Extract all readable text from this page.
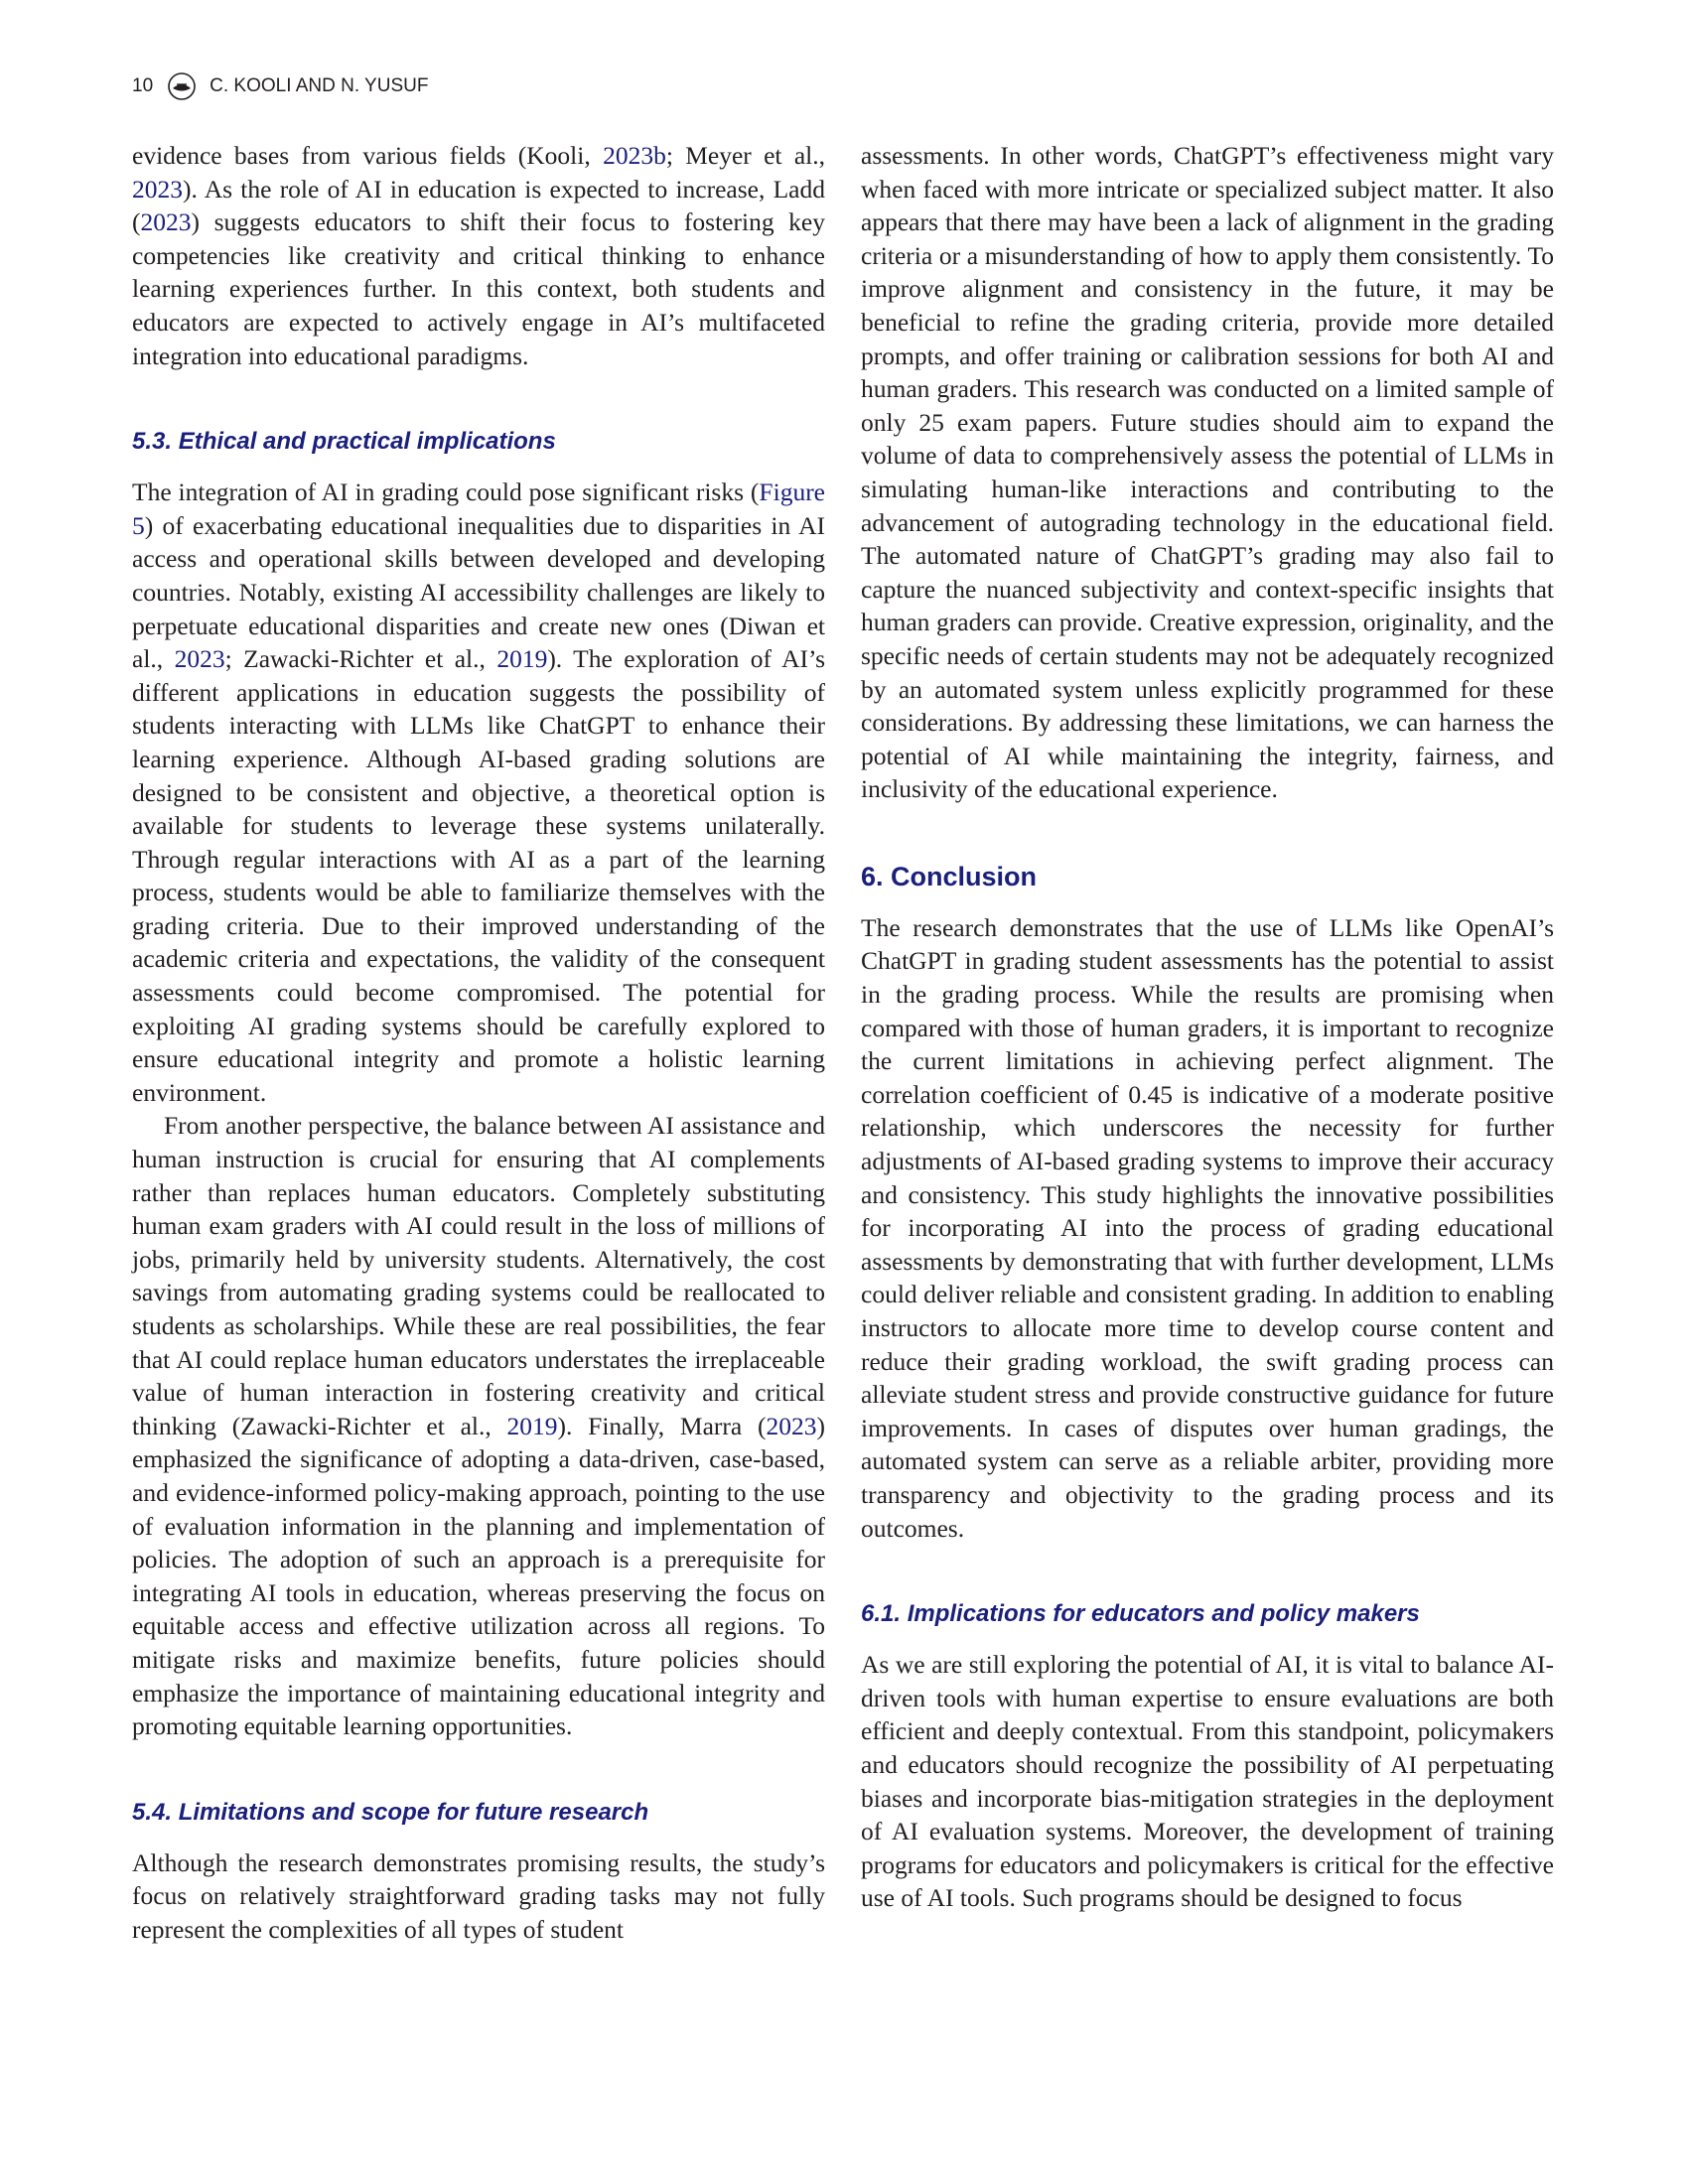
10	C. KOOLI AND N. YUSUF

evidence bases from various fields (Kooli, 2023b; Meyer et al., 2023). As the role of AI in education is expected to increase, Ladd (2023) suggests educators to shift their focus to fostering key competencies like creativity and critical thinking to enhance learning experiences further. In this context, both students and educators are expected to actively engage in AI’s multifaceted integration into educational paradigms.

5.3. Ethical and practical implications

The integration of AI in grading could pose significant risks (Figure 5) of exacerbating educational inequalities due to disparities in AI access and operational skills between developed and developing countries. Notably, existing AI accessibility challenges are likely to perpetuate educational disparities and create new ones (Diwan et al., 2023; Zawacki-Richter et al., 2019). The exploration of AI’s different applications in education suggests the possibility of students interacting with LLMs like ChatGPT to enhance their learning experience. Although AI-based grading solutions are designed to be consistent and objective, a theoretical option is available for students to leverage these systems unilaterally. Through regular interactions with AI as a part of the learning process, students would be able to familiarize themselves with the grading criteria. Due to their improved understanding of the academic criteria and expectations, the validity of the consequent assessments could become compromised. The potential for exploiting AI grading systems should be carefully explored to ensure educational integrity and promote a holistic learning environment.

From another perspective, the balance between AI assistance and human instruction is crucial for ensuring that AI complements rather than replaces human educators. Completely substituting human exam graders with AI could result in the loss of millions of jobs, primarily held by university students. Alternatively, the cost savings from automating grading systems could be reallocated to students as scholarships. While these are real possibilities, the fear that AI could replace human educators understates the irreplaceable value of human interaction in fostering creativity and critical thinking (Zawacki-Richter et al., 2019). Finally, Marra (2023) emphasized the significance of adopting a data-driven, case-based, and evidence-informed policy-making approach, pointing to the use of evaluation information in the planning and implementation of policies. The adoption of such an approach is a prerequisite for integrating AI tools in education, whereas preserving the focus on equitable access and effective utilization across all regions. To mitigate risks and maximize benefits, future policies should emphasize the importance of maintaining educational integrity and promoting equitable learning opportunities.

5.4. Limitations and scope for future research

Although the research demonstrates promising results, the study’s focus on relatively straightforward grading tasks may not fully represent the complexities of all types of student

assessments. In other words, ChatGPT’s effectiveness might vary when faced with more intricate or specialized subject matter. It also appears that there may have been a lack of alignment in the grading criteria or a misunderstanding of how to apply them consistently. To improve alignment and consistency in the future, it may be beneficial to refine the grading criteria, provide more detailed prompts, and offer training or calibration sessions for both AI and human graders. This research was conducted on a limited sample of only 25 exam papers. Future studies should aim to expand the volume of data to comprehensively assess the potential of LLMs in simulating human-like interactions and contributing to the advancement of autograding technology in the educational field. The automated nature of ChatGPT’s grading may also fail to capture the nuanced subjectivity and context-specific insights that human graders can provide. Creative expression, originality, and the specific needs of certain students may not be adequately recognized by an automated system unless explicitly programmed for these considerations. By addressing these limitations, we can harness the potential of AI while maintaining the integrity, fairness, and inclusivity of the educational experience.

6. Conclusion

The research demonstrates that the use of LLMs like OpenAI’s ChatGPT in grading student assessments has the potential to assist in the grading process. While the results are promising when compared with those of human graders, it is important to recognize the current limitations in achieving perfect alignment. The correlation coefficient of 0.45 is indicative of a moderate positive relationship, which underscores the necessity for further adjustments of AI-based grading systems to improve their accuracy and consistency. This study highlights the innovative possibilities for incorporating AI into the process of grading educational assessments by demonstrating that with further development, LLMs could deliver reliable and consistent grading. In addition to enabling instructors to allocate more time to develop course content and reduce their grading workload, the swift grading process can alleviate student stress and provide constructive guidance for future improvements. In cases of disputes over human gradings, the automated system can serve as a reliable arbiter, providing more transparency and objectivity to the grading process and its outcomes.

6.1. Implications for educators and policy makers

As we are still exploring the potential of AI, it is vital to balance AI-driven tools with human expertise to ensure evaluations are both efficient and deeply contextual. From this standpoint, policymakers and educators should recognize the possibility of AI perpetuating biases and incorporate bias-mitigation strategies in the deployment of AI evaluation systems. Moreover, the development of training programs for educators and policymakers is critical for the effective use of AI tools. Such programs should be designed to focus
